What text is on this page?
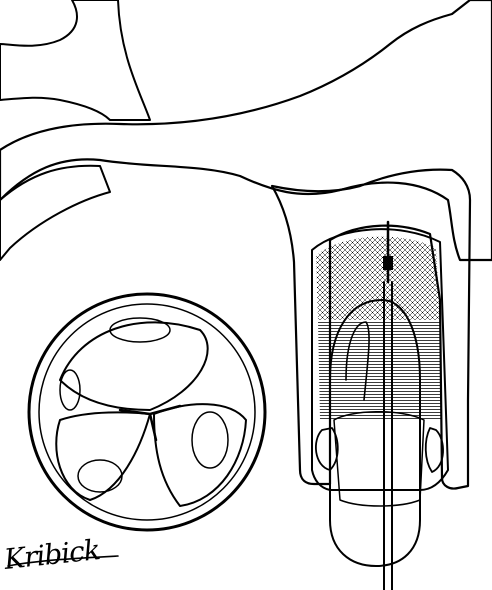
Kribick
